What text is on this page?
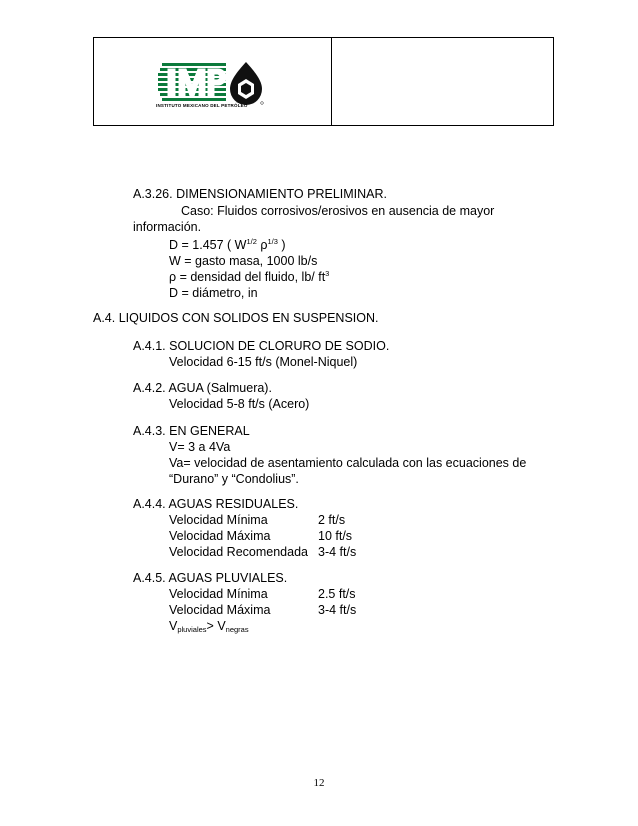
INSTITUTO MEXICANO DEL PETRÓLEO
A.3.26. DIMENSIONAMIENTO PRELIMINAR.
Caso: Fluidos corrosivos/erosivos en ausencia de mayor
información.
D = 1.457 ( $W^{1/2}$ $\rho^{1/3}$ )
W = gasto masa, 1000 lb/s
ρ = densidad del fluido, lb/ $ft^3$
D = diámetro, in
A.4. LIQUIDOS CON SOLIDOS EN SUSPENSION.
A.4.1. SOLUCION DE CLORURO DE SODIO.
Velocidad 6-15 ft/s (Monel-Niquel)
A.4.2. AGUA (Salmuera).
Velocidad 5-8 ft/s (Acero)
A.4.3. EN GENERAL
V= 3 a 4Va
Va= velocidad de asentamiento calculada con las ecuaciones de
“Durano” y “Condolius”.
A.4.4. AGUAS RESIDUALES.
Velocidad Mínima	2 ft/s
Velocidad Máxima	10 ft/s
Velocidad Recomendada 3-4 ft/s
A.4.5. AGUAS PLUVIALES.
Velocidad Mínima	2.5 ft/s
Velocidad Máxima	3-4 ft/s
$V_{pluviales}> V_{negras}$
12
